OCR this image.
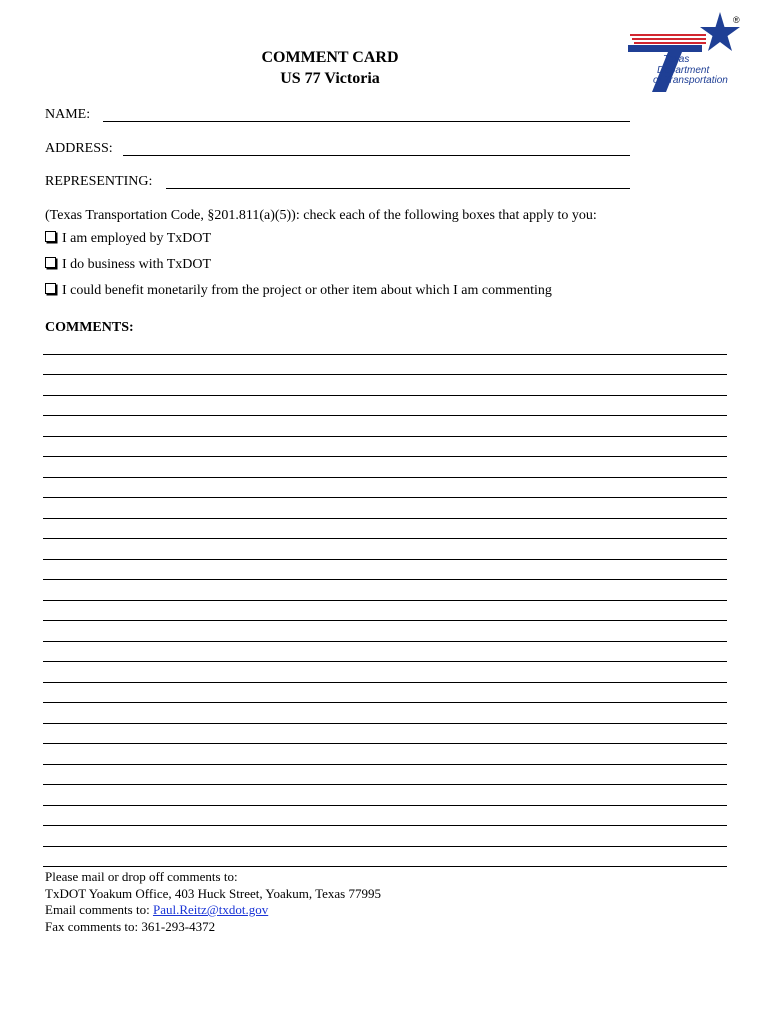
®
Texas
Department
of Transportation
COMMENT CARD
US 77 Victoria
NAME:
ADDRESS:
REPRESENTING:
(Texas Transportation Code, §201.811(a)(5)): check each of the following boxes that apply to you:
I am employed by TxDOT
I do business with TxDOT
I could benefit monetarily from the project or other item about which I am commenting
COMMENTS:
Please mail or drop off comments to:
TxDOT Yoakum Office, 403 Huck Street, Yoakum, Texas 77995
Email comments to: Paul.Reitz@txdot.gov
Fax comments to: 361-293-4372
